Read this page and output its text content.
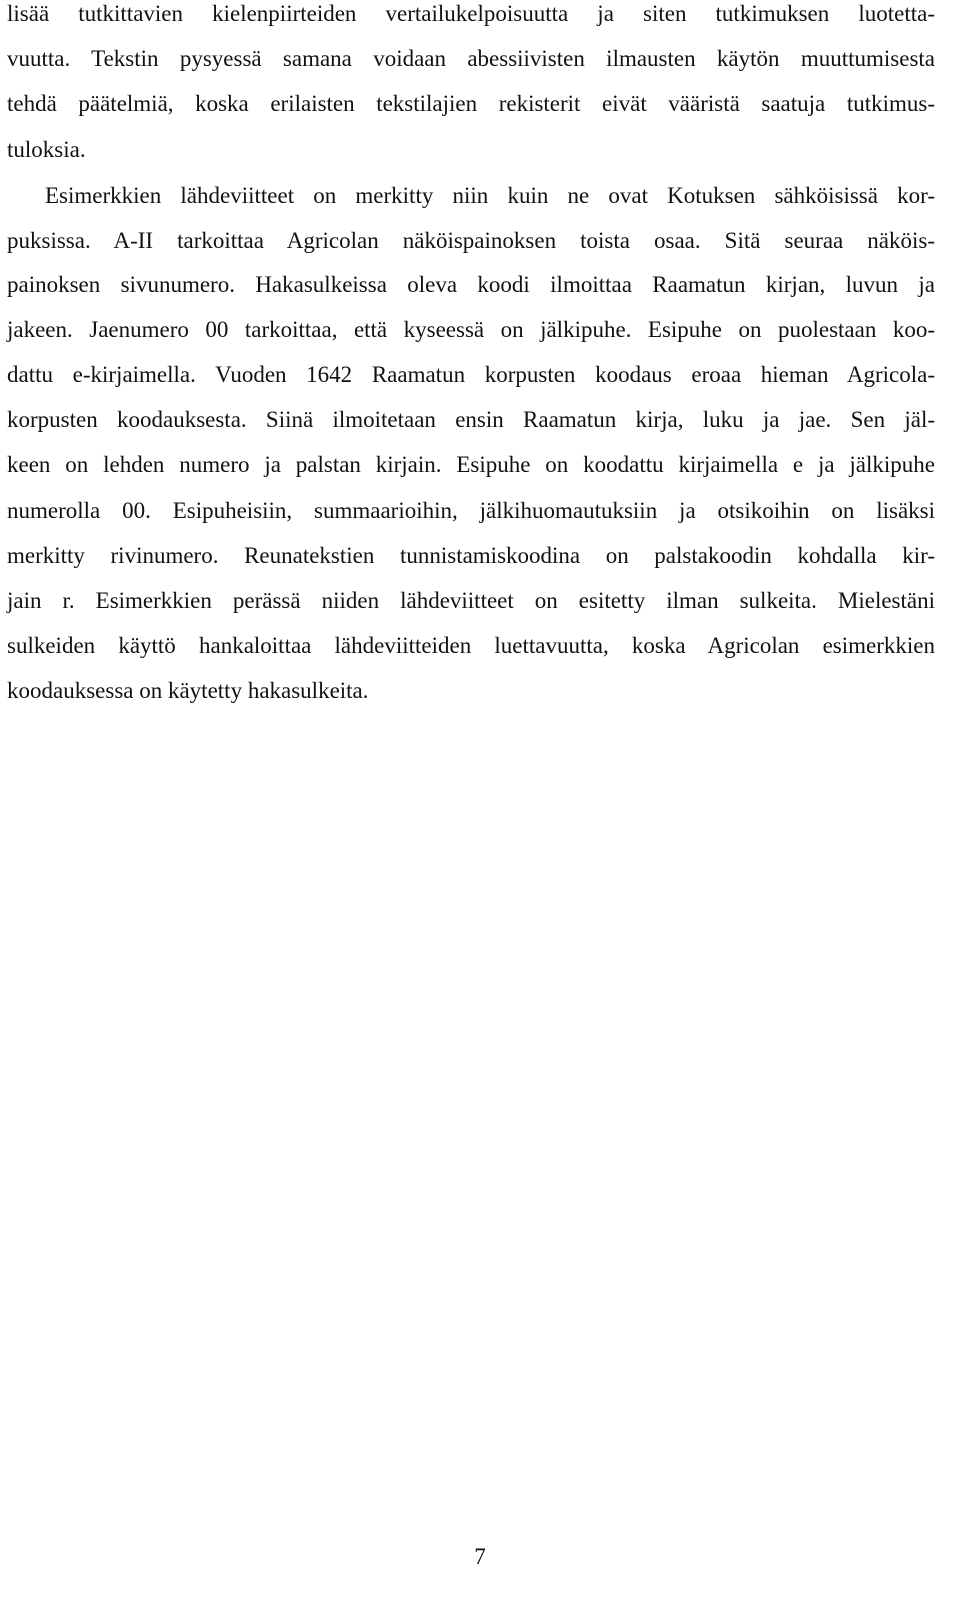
lisää tutkittavien kielenpiirteiden vertailukelpoisuutta ja siten tutkimuksen luotetta-
vuutta. Tekstin pysyessä samana voidaan abessiivisten ilmausten käytön muuttumisesta
tehdä päätelmiä, koska erilaisten tekstilajien rekisterit eivät vääristä saatuja tutkimus-
tuloksia.
Esimerkkien lähdeviitteet on merkitty niin kuin ne ovat Kotuksen sähköisissä kor-
puksissa. A-II tarkoittaa Agricolan näköispainoksen toista osaa. Sitä seuraa näköis-
painoksen sivunumero. Hakasulkeissa oleva koodi ilmoittaa Raamatun kirjan, luvun ja
jakeen. Jaenumero 00 tarkoittaa, että kyseessä on jälkipuhe. Esipuhe on puolestaan koo-
dattu e-kirjaimella. Vuoden 1642 Raamatun korpusten koodaus eroaa hieman Agricola-
korpusten koodauksesta. Siinä ilmoitetaan ensin Raamatun kirja, luku ja jae. Sen jäl-
keen on lehden numero ja palstan kirjain. Esipuhe on koodattu kirjaimella e ja jälkipuhe
numerolla 00. Esipuheisiin, summaarioihin, jälkihuomautuksiin ja otsikoihin on lisäksi
merkitty rivinumero. Reunatekstien tunnistamiskoodina on palstakoodin kohdalla kir-
jain r. Esimerkkien perässä niiden lähdeviitteet on esitetty ilman sulkeita. Mielestäni
sulkeiden käyttö hankaloittaa lähdeviitteiden luettavuutta, koska Agricolan esimerkkien
koodauksessa on käytetty hakasulkeita.
7
